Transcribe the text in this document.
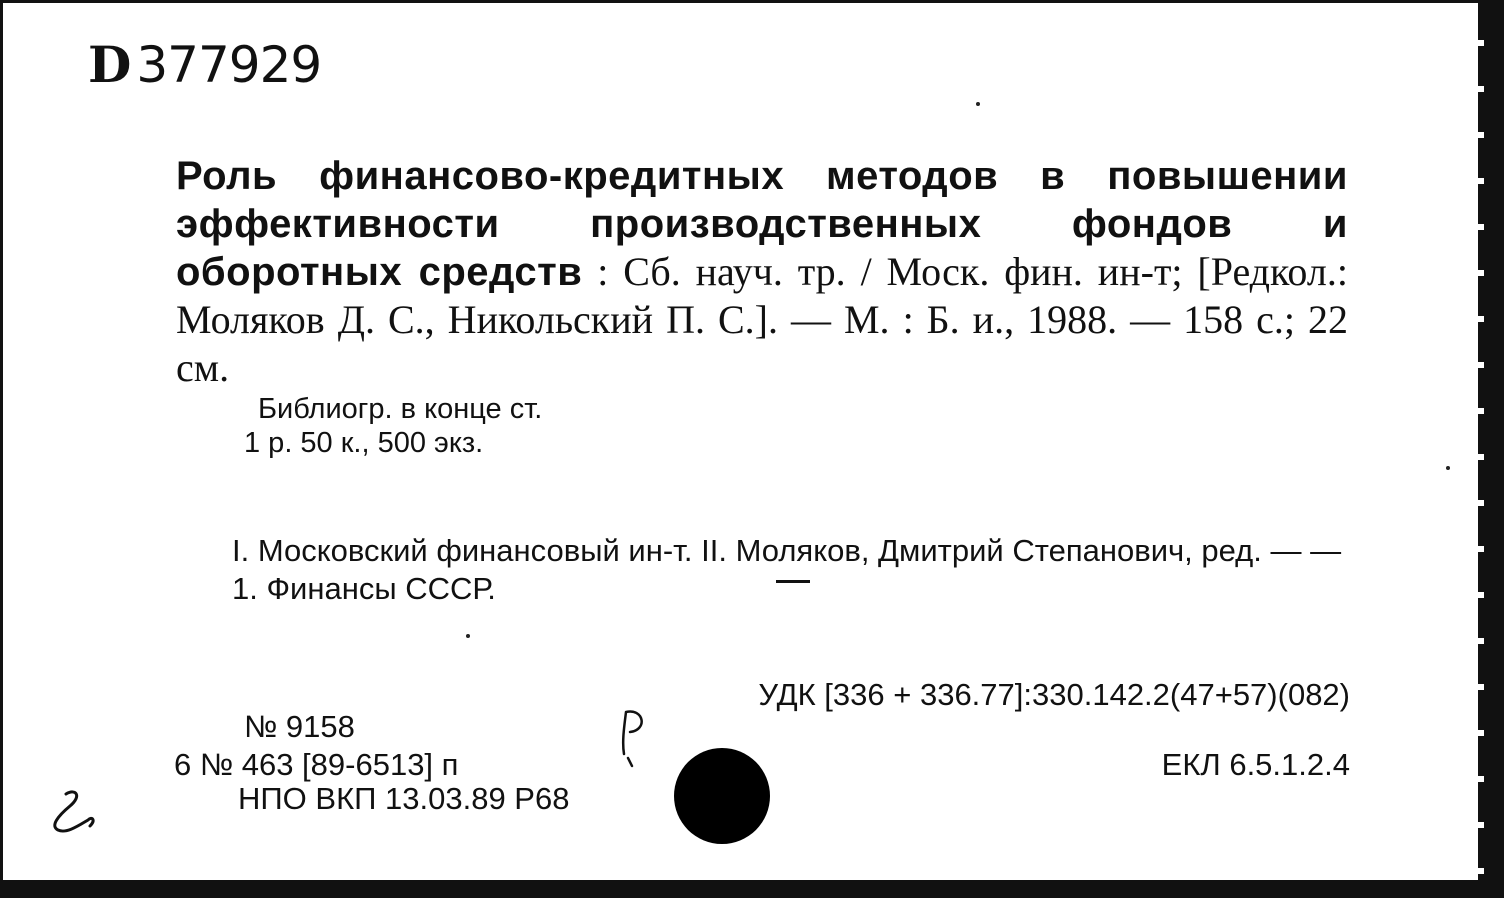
D 377929
Роль финансово-кредитных методов в повышении эффективности производственных фондов и оборотных средств : Сб. науч. тр. / Моск. фин. ин-т; [Редкол.: Моляков Д. С., Никольский П. С.]. — М. : Б. и., 1988. — 158 с.; 22 см.
Библиогр. в конце ст.
1 р. 50 к., 500 экз.
I. Московский финансовый ин-т. II. Моляков, Дмитрий Степанович, ред. — — 1. Финансы СССР.
УДК [336 + 336.77]:330.142.2(47+57)(082)
№ 9158
6 № 463 [89-6513] п
НПО ВКП 13.03.89 Р68
ЕКЛ 6.5.1.2.4
